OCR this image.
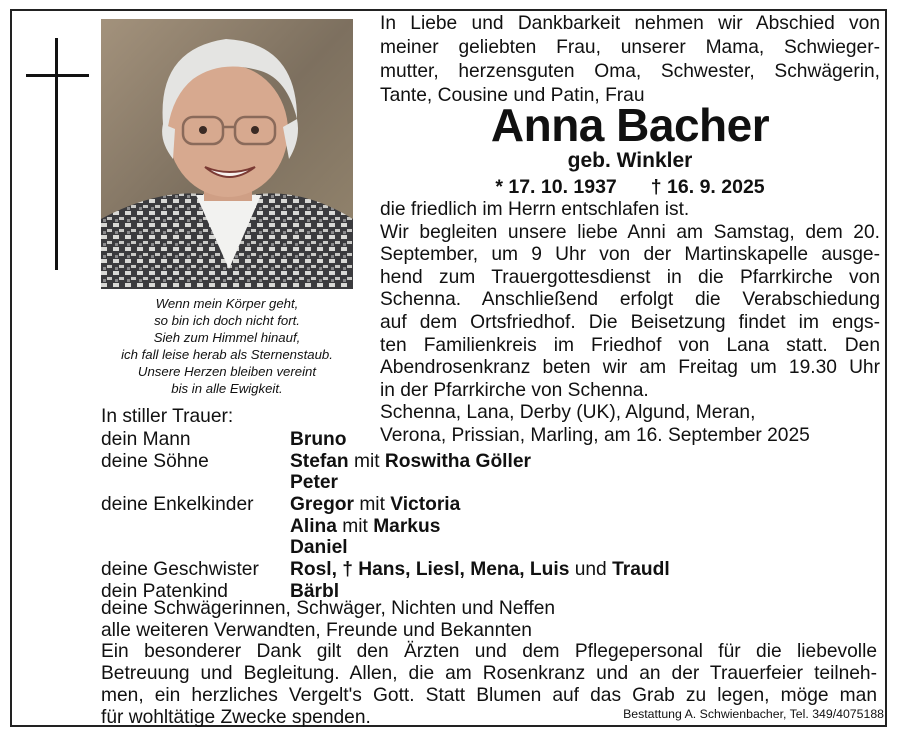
Wenn mein Körper geht,
so bin ich doch nicht fort.
Sieh zum Himmel hinauf,
ich fall leise herab als Sternenstaub.
Unsere Herzen bleiben vereint
bis in alle Ewigkeit.
In Liebe und Dankbarkeit nehmen wir Abschied von
meiner geliebten Frau, unserer Mama, Schwieger-
mutter, herzensguten Oma, Schwester, Schwägerin,
Tante, Cousine und Patin, Frau
Anna Bacher
geb. Winkler
* 17. 10. 1937 † 16. 9. 2025
die friedlich im Herrn entschlafen ist.
Wir begleiten unsere liebe Anni am Samstag, dem 20.
September, um 9 Uhr von der Martinskapelle ausge-
hend zum Trauergottesdienst in die Pfarrkirche von
Schenna. Anschließend erfolgt die Verabschiedung
auf dem Ortsfriedhof. Die Beisetzung findet im engs-
ten Familienkreis im Friedhof von Lana statt. Den
Abendrosenkranz beten wir am Freitag um 19.30 Uhr
in der Pfarrkirche von Schenna.
Schenna, Lana, Derby (UK), Algund, Meran,
Verona, Prissian, Marling, am 16. September 2025
In stiller Trauer:
dein Mann	Bruno
deine Söhne	Stefan mit Roswitha Göller
Peter
deine Enkelkinder Gregor mit Victoria
Alina mit Markus
Daniel
deine Geschwister Rosl, † Hans, Liesl, Mena, Luis und Traudl
dein Patenkind	Bärbl
deine Schwägerinnen, Schwäger, Nichten und Neffen
alle weiteren Verwandten, Freunde und Bekannten
Ein besonderer Dank gilt den Ärzten und dem Pflegepersonal für die liebevolle
Betreuung und Begleitung. Allen, die am Rosenkranz und an der Trauerfeier teilneh-
men, ein herzliches Vergelt's Gott. Statt Blumen auf das Grab zu legen, möge man
für wohltätige Zwecke spenden.	Bestattung A. Schwienbacher, Tel. 349/4075188
